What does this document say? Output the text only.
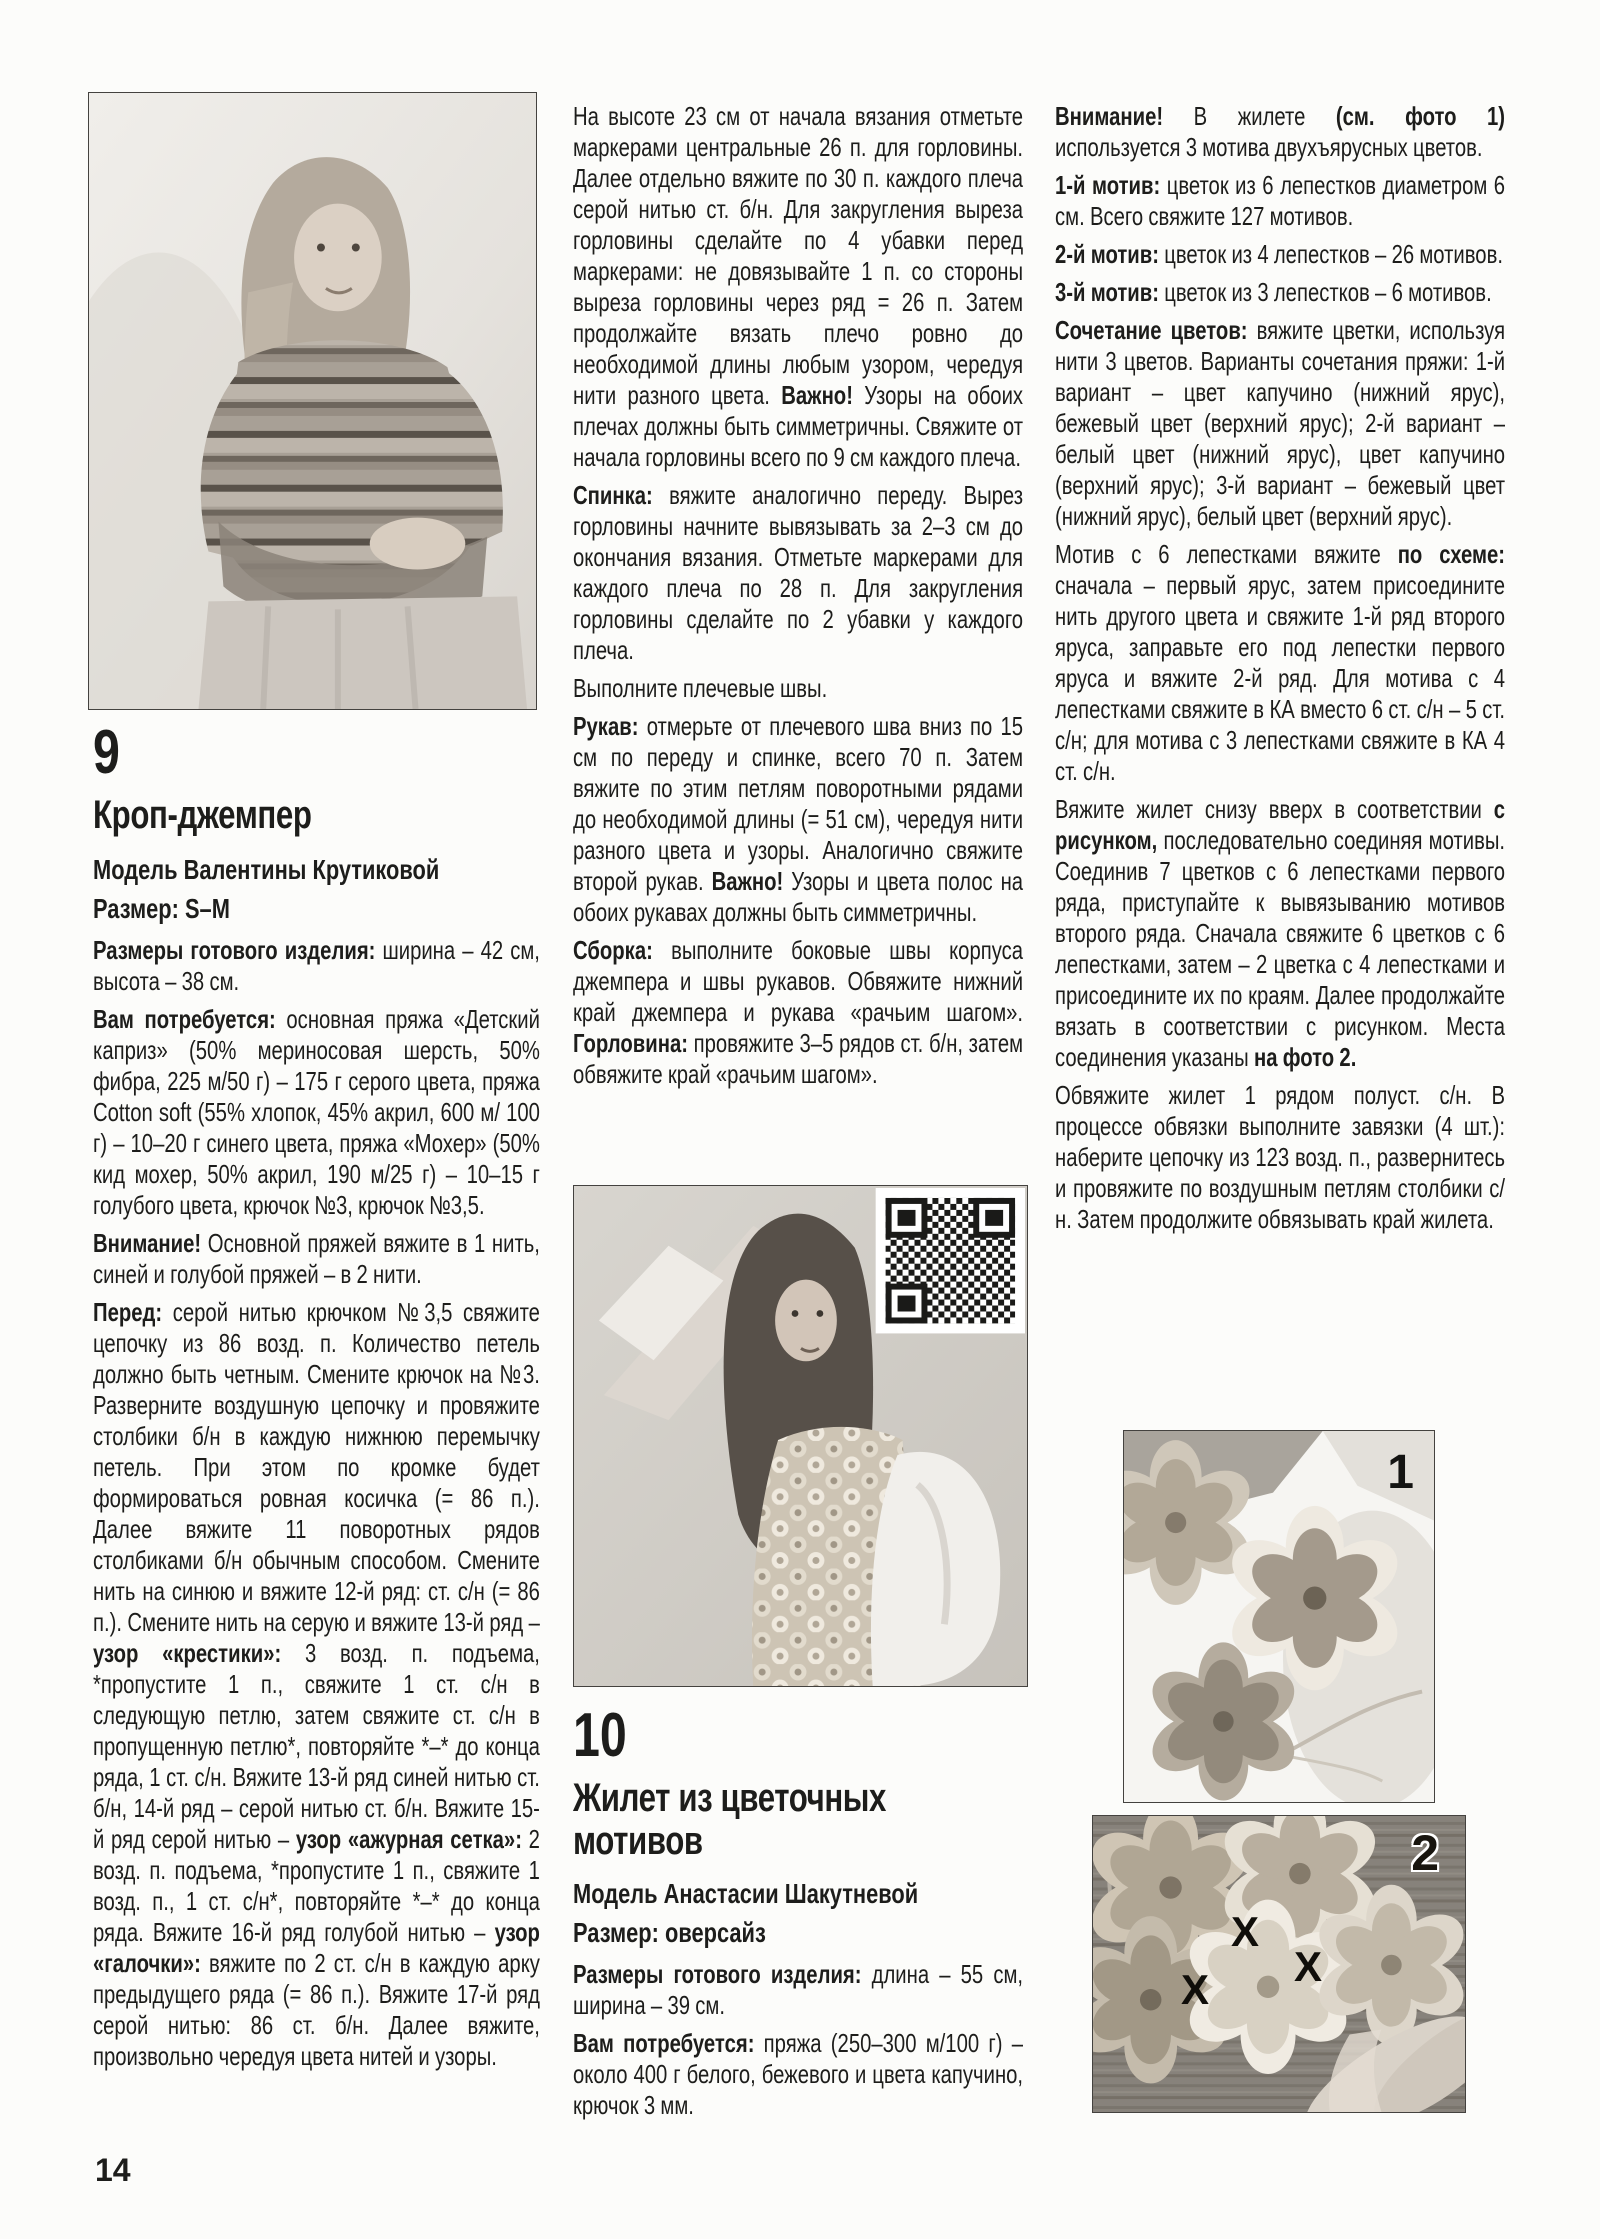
9
Кроп-джемпер

Модель Валентины Крутиковой

Размер: S–M

Размеры готового изделия: ширина – 42 см, высота – 38 см.

Вам потребуется: основная пряжа «Детский каприз» (50% мериносовая шерсть, 50% фибра, 225 м/50 г) – 175 г серого цвета, пряжа Cotton soft (55% хлопок, 45% акрил, 600 м/ 100 г) – 10–20 г синего цвета, пряжа «Мохер» (50% кид мохер, 50% акрил, 190 м/25 г) – 10–15 г голубого цвета, крючок №3, крючок №3,5.

Внимание! Основной пряжей вяжите в 1 нить, синей и голубой пряжей – в 2 нити.

Перед: серой нитью крючком №3,5 свяжите цепочку из 86 возд. п. Количество петель должно быть четным. Смените крючок на №3. Разверните воздушную цепочку и провяжите столбики б/н в каждую нижнюю перемычку петель. При этом по кромке будет формироваться ровная косичка (= 86 п.). Далее вяжите 11 поворотных рядов столбиками б/н обычным способом. Смените нить на синюю и вяжите 12-й ряд: ст. с/н (= 86 п.). Смените нить на серую и вяжите 13-й ряд – узор «крестики»: 3 возд. п. подъема, *пропустите 1 п., свяжите 1 ст. с/н в следующую петлю, затем свяжите ст. с/н в пропущенную петлю*, повторяйте *–* до конца ряда, 1 ст. с/н. Вяжите 13-й ряд синей нитью ст. б/н, 14-й ряд – серой нитью ст. б/н. Вяжите 15-й ряд серой нитью – узор «ажурная сетка»: 2 возд. п. подъема, *пропустите 1 п., свяжите 1 возд. п., 1 ст. с/н*, повторяйте *–* до конца ряда. Вяжите 16-й ряд голубой нитью – узор «галочки»: вяжите по 2 ст. с/н в каждую арку предыдущего ряда (= 86 п.). Вяжите 17-й ряд серой нитью: 86 ст. б/н. Далее вяжите, произвольно чередуя цвета нитей и узоры.

На высоте 23 см от начала вязания отметьте маркерами центральные 26 п. для горловины. Далее отдельно вяжите по 30 п. каждого плеча серой нитью ст. б/н. Для закругления выреза горловины сделайте по 4 убавки перед маркерами: не довязывайте 1 п. со стороны выреза горловины через ряд = 26 п. Затем продолжайте вязать плечо ровно до необходимой длины любым узором, чередуя нити разного цвета. Важно! Узоры на обоих плечах должны быть симметричны. Свяжите от начала горловины всего по 9 см каждого плеча.

Спинка: вяжите аналогично переду. Вырез горловины начните вывязывать за 2–3 см до окончания вязания. Отметьте маркерами для каждого плеча по 28 п. Для закругления горловины сделайте по 2 убавки у каждого плеча.

Выполните плечевые швы.

Рукав: отмерьте от плечевого шва вниз по 15 см по переду и спинке, всего 70 п. Затем вяжите по этим петлям поворотными рядами до необходимой длины (= 51 см), чередуя нити разного цвета и узоры. Аналогично свяжите второй рукав. Важно! Узоры и цвета полос на обоих рукавах должны быть симметричны.

Сборка: выполните боковые швы корпуса джемпера и швы рукавов. Обвяжите нижний край джемпера и рукава «рачьим шагом». Горловина: провяжите 3–5 рядов ст. б/н, затем обвяжите край «рачьим шагом».

10
Жилет из цветочных мотивов

Модель Анастасии Шакутневой

Размер: оверсайз

Размеры готового изделия: длина – 55 см, ширина – 39 см.

Вам потребуется: пряжа (250–300 м/100 г) – около 400 г белого, бежевого и цвета капучино, крючок 3 мм.

Внимание! В жилете (см. фото 1) используется 3 мотива двухъярусных цветов.

1-й мотив: цветок из 6 лепестков диаметром 6 см. Всего свяжите 127 мотивов.

2-й мотив: цветок из 4 лепестков – 26 мотивов.

3-й мотив: цветок из 3 лепестков – 6 мотивов.

Сочетание цветов: вяжите цветки, используя нити 3 цветов. Варианты сочетания пряжи: 1-й вариант – цвет капучино (нижний ярус), бежевый цвет (верхний ярус); 2-й вариант – белый цвет (нижний ярус), цвет капучино (верхний ярус); 3-й вариант – бежевый цвет (нижний ярус), белый цвет (верхний ярус).

Мотив с 6 лепестками вяжите по схеме: сначала – первый ярус, затем присоедините нить другого цвета и свяжите 1-й ряд второго яруса, заправьте его под лепестки первого яруса и вяжите 2-й ряд. Для мотива с 4 лепестками свяжите в КА вместо 6 ст. с/н – 5 ст. с/н; для мотива с 3 лепестками свяжите в КА 4 ст. с/н.

Вяжите жилет снизу вверх в соответствии с рисунком, последовательно соединяя мотивы. Соединив 7 цветков с 6 лепестками первого ряда, приступайте к вывязыванию мотивов второго ряда. Сначала свяжите 6 цветков с 6 лепестками, затем – 2 цветка с 4 лепестками и присоедините их по краям. Далее продолжайте вязать в соответствии с рисунком. Места соединения указаны на фото 2.

Обвяжите жилет 1 рядом полуст. с/н. В процессе обвязки выполните завязки (4 шт.): наберите цепочку из 123 возд. п., развернитесь и провяжите по воздушным петлям столбики с/н. Затем продолжите обвязывать край жилета.

1
X
X
X
2
14
